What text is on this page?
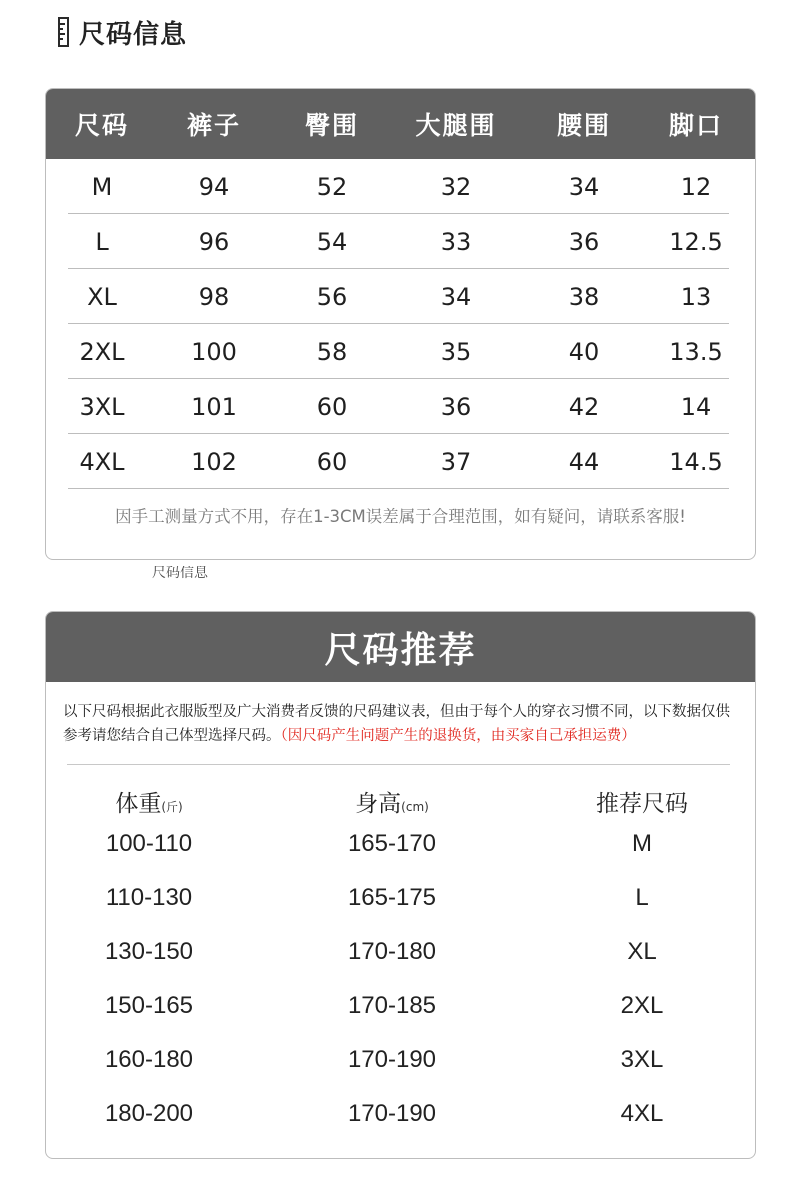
尺码信息
尺码	裤子	臀围	大腿围	腰围	脚口
M	94	52	32	34	12
L	96	54	33	36	12.5
XL	98	56	34	38	13
2XL	100	58	35	40	13.5
3XL	101	60	36	42	14
4XL	102	60	37	44	14.5
因手工测量方式不用，存在1-3CM误差属于合理范围，如有疑问，请联系客服!
尺码信息
尺码推荐
以下尺码根据此衣服版型及广大消费者反馈的尺码建议表，但由于每个人的穿衣习惯不同，以下数据仅供参考请您结合自己体型选择尺码。（因尺码产生问题产生的退换货，由买家自己承担运费）
体重(斤)	身高(cm)	推荐尺码
100-110	165-170	M
110-130	165-175	L
130-150	170-180	XL
150-165	170-185	2XL
160-180	170-190	3XL
180-200	170-190	4XL
